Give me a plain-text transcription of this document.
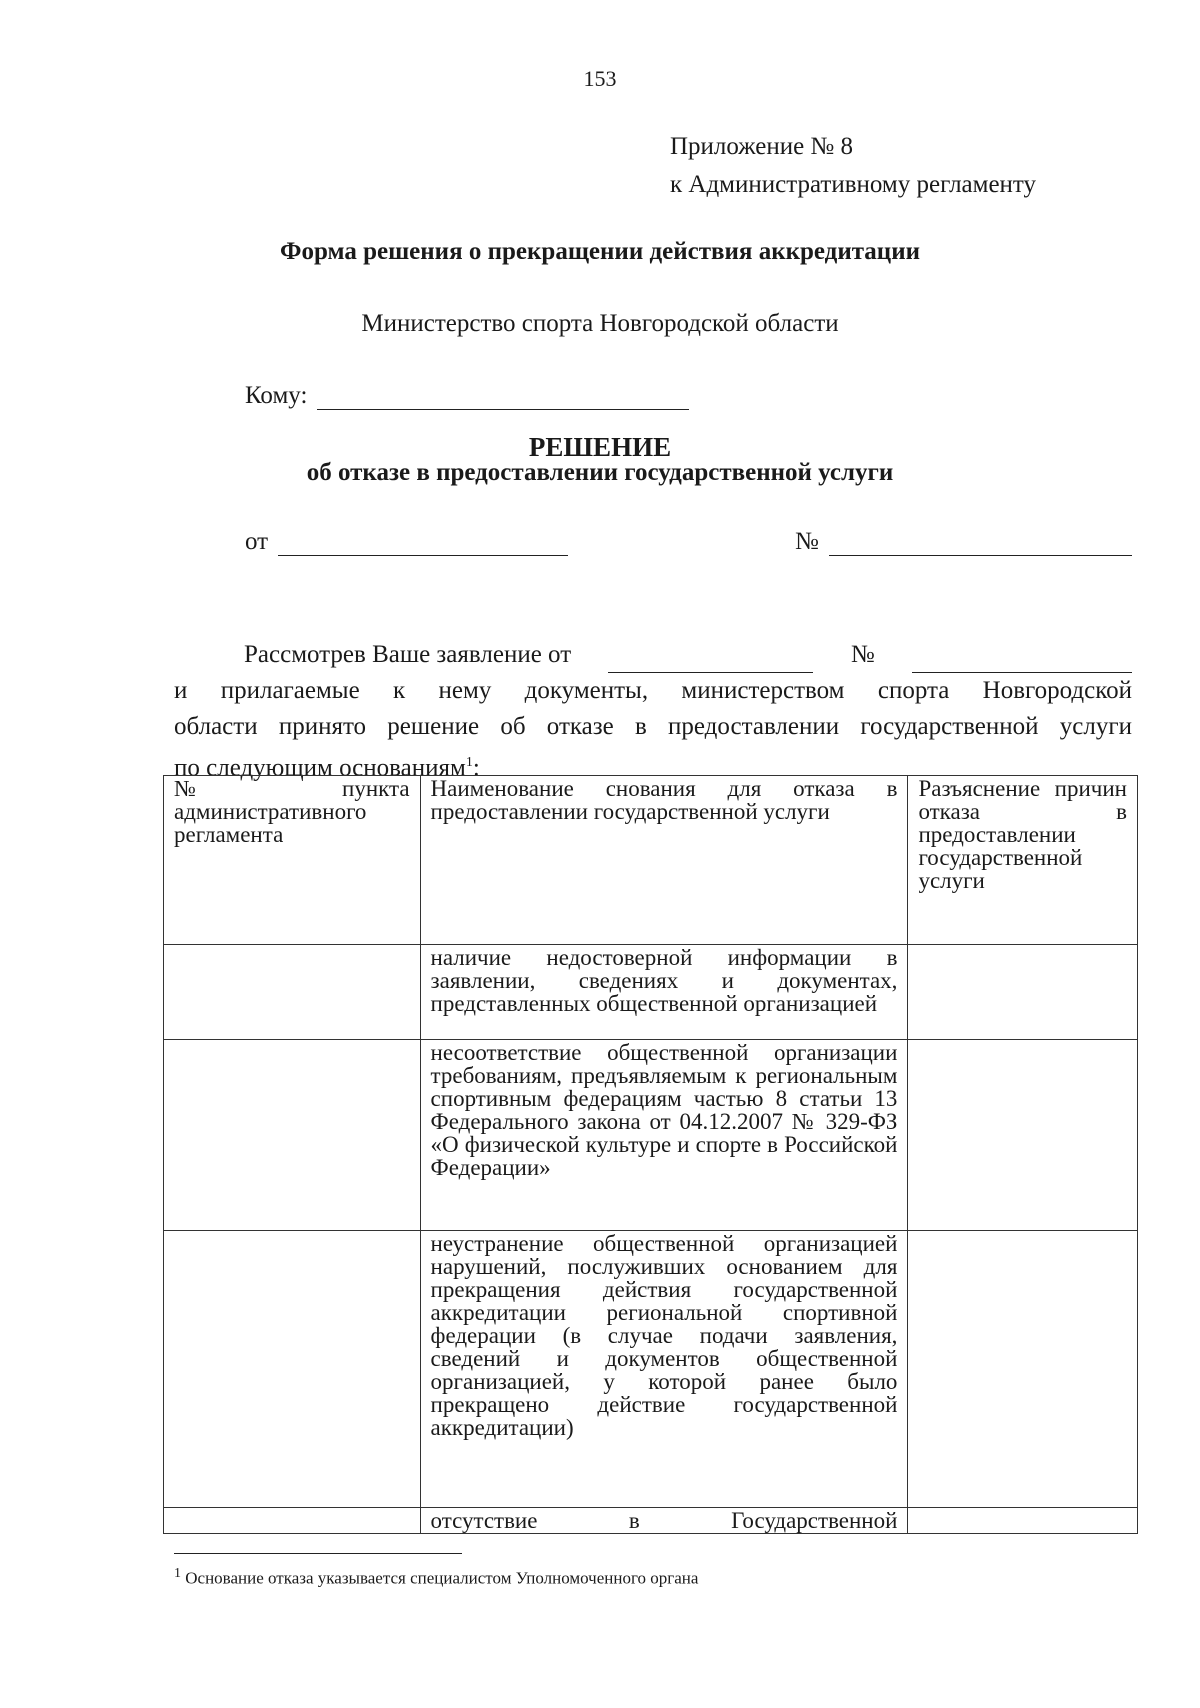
153
Приложение № 8
к Административному регламенту
Форма решения о прекращении действия аккредитации
Министерство спорта Новгородской области
Кому:
РЕШЕНИЕ
об отказе в предоставлении государственной услуги
от	№
Рассмотрев Ваше заявление от	№
и прилагаемые к нему документы, министерством спорта Новгородской
области принято решение об отказе в предоставлении государственной услуги
по следующим основаниям$^1$:
№ пункта административного регламента	Наименование снования для отказа в предоставлении государственной услуги	Разъяснение причин отказа в предоставлении государственной услуги
	наличие недостоверной информации в заявлении, сведениях и документах, представленных общественной организацией	
	несоответствие общественной организации требованиям, предъявляемым к региональным спортивным федерациям частью 8 статьи 13 Федерального закона от 04.12.2007 № 329-ФЗ «О физической культуре и спорте в Российской Федерации»	
	неустранение общественной организацией нарушений, послуживших основанием для прекращения действия государственной аккредитации региональной спортивной федерации (в случае подачи заявления, сведений и документов общественной организацией, у которой ранее было прекращено действие государственной аккредитации)	
	отсутствие в Государственной	
$^1$ Основание отказа указывается специалистом Уполномоченного органа
